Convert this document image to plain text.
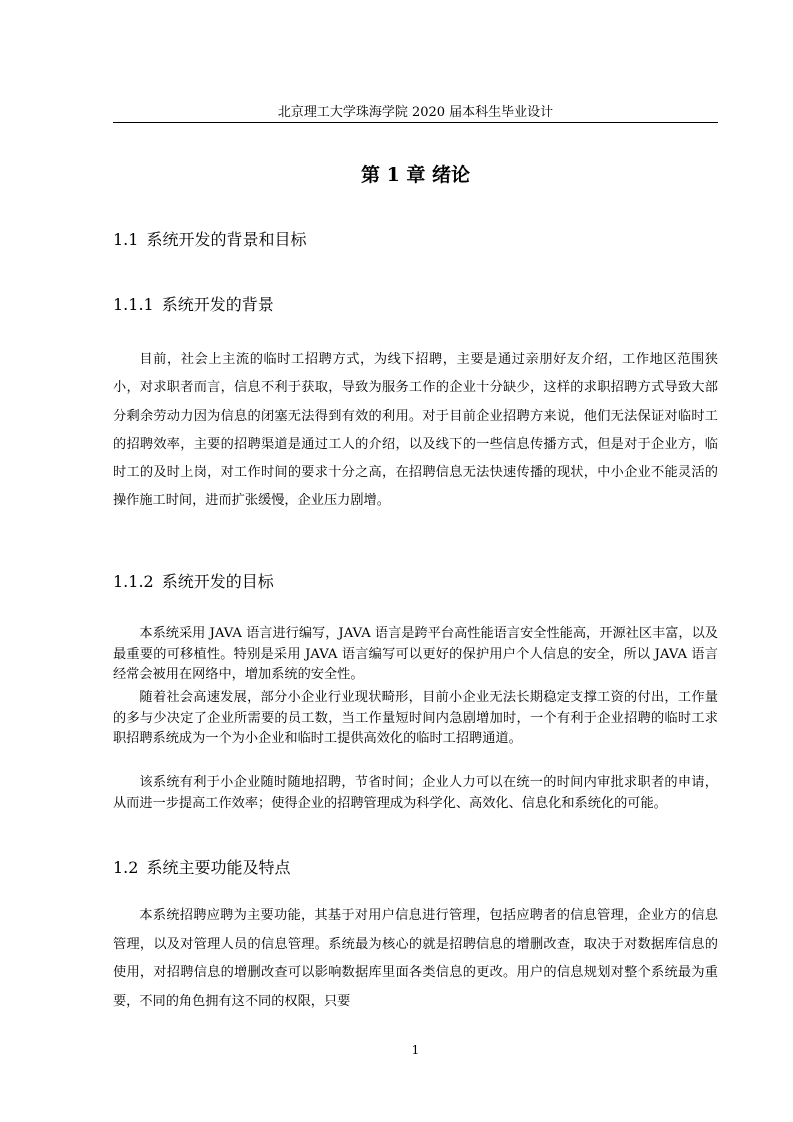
北京理工大学珠海学院 2020 届本科生毕业设计
第 1 章 绪论
1.1 系统开发的背景和目标
1.1.1 系统开发的背景

目前，社会上主流的临时工招聘方式，为线下招聘，主要是通过亲朋好友介绍，工作地区范围狭小，对求职者而言，信息不利于获取，导致为服务工作的企业十分缺少，这样的求职招聘方式导致大部分剩余劳动力因为信息的闭塞无法得到有效的利用。对于目前企业招聘方来说，他们无法保证对临时工的招聘效率，主要的招聘渠道是通过工人的介绍，以及线下的一些信息传播方式，但是对于企业方，临时工的及时上岗，对工作时间的要求十分之高，在招聘信息无法快速传播的现状，中小企业不能灵活的操作施工时间，进而扩张缓慢，企业压力剧增。

1.1.2 系统开发的目标

本系统采用 JAVA 语言进行编写，JAVA 语言是跨平台高性能语言安全性能高，开源社区丰富，以及最重要的可移植性。特别是采用 JAVA 语言编写可以更好的保护用户个人信息的安全，所以 JAVA 语言经常会被用在网络中，增加系统的安全性。

随着社会高速发展，部分小企业行业现状畸形，目前小企业无法长期稳定支撑工资的付出，工作量的多与少决定了企业所需要的员工数，当工作量短时间内急剧增加时，一个有利于企业招聘的临时工求职招聘系统成为一个为小企业和临时工提供高效化的临时工招聘通道。

该系统有利于小企业随时随地招聘，节省时间；企业人力可以在统一的时间内审批求职者的申请，从而进一步提高工作效率；使得企业的招聘管理成为科学化、高效化、信息化和系统化的可能。

1.2 系统主要功能及特点

本系统招聘应聘为主要功能，其基于对用户信息进行管理，包括应聘者的信息管理，企业方的信息管理，以及对管理人员的信息管理。系统最为核心的就是招聘信息的增删改查，取决于对数据库信息的使用，对招聘信息的增删改查可以影响数据库里面各类信息的更改。用户的信息规划对整个系统最为重要，不同的角色拥有这不同的权限，只要

1
